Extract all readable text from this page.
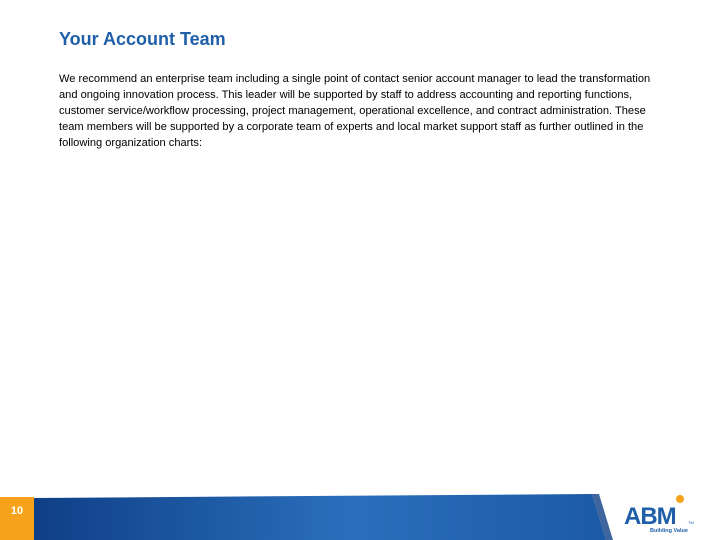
Your Account Team

We recommend an enterprise team including a single point of contact senior account manager to lead the transformation and ongoing innovation process. This leader will be supported by staff to address accounting and reporting functions, customer service/workflow processing, project management, operational excellence, and contract administration. These team members will be supported by a corporate team of experts and local market support staff as further outlined in the following organization charts:

10	ABM	TM
Building Value
